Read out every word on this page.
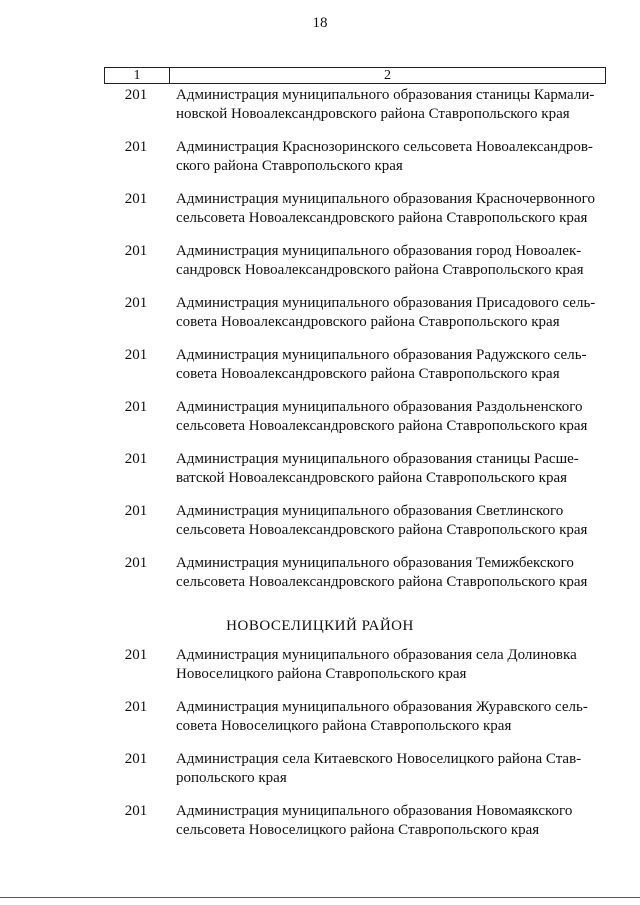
18
1	2
201	Администрация муниципального образования станицы Кармали-
новской Новоалександровского района Ставропольского края
201	Администрация Краснозоринского сельсовета Новоалександров-
ского района Ставропольского края
201	Администрация муниципального образования Красночервонного
сельсовета Новоалександровского района Ставропольского края
201	Администрация муниципального образования город Новоалек-
сандровск Новоалександровского района Ставропольского края
201	Администрация муниципального образования Присадового сель-
совета Новоалександровского района Ставропольского края
201	Администрация муниципального образования Радужского сель-
совета Новоалександровского района Ставропольского края
201	Администрация муниципального образования Раздольненского
сельсовета Новоалександровского района Ставропольского края
201	Администрация муниципального образования станицы Расше-
ватской Новоалександровского района Ставропольского края
201	Администрация муниципального образования Светлинского
сельсовета Новоалександровского района Ставропольского края
201	Администрация муниципального образования Темижбекского
сельсовета Новоалександровского района Ставропольского края
НОВОСЕЛИЦКИЙ РАЙОН
201	Администрация муниципального образования села Долиновка
Новоселицкого района Ставропольского края
201	Администрация муниципального образования Журавского сель-
совета Новоселицкого района Ставропольского края
201	Администрация села Китаевского Новоселицкого района Став-
ропольского края
201	Администрация муниципального образования Новомаякского
сельсовета Новоселицкого района Ставропольского края
